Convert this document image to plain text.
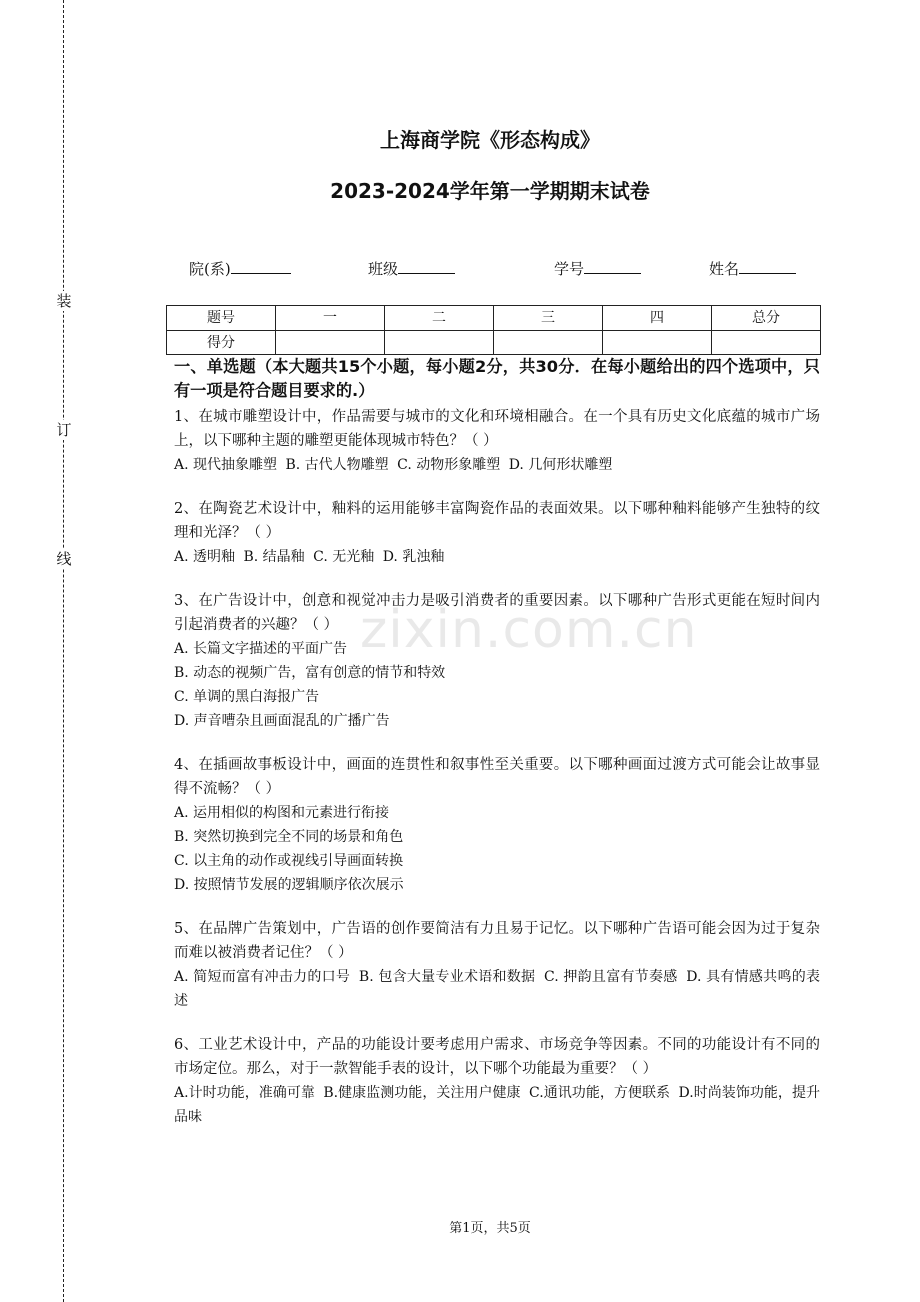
装
订
线
上海商学院《形态构成》
2023-2024学年第一学期期末试卷
院(系)	班级	学号	姓名
题号	一	二	三	四	总分
得分					
一、单选题（本大题共15个小题，每小题2分，共30分．在每小题给出的四个选项中，只有一项是符合题目要求的.）
1、在城市雕塑设计中，作品需要与城市的文化和环境相融合。在一个具有历史文化底蕴的城市广场上，以下哪种主题的雕塑更能体现城市特色？（ ）
A. 现代抽象雕塑 B. 古代人物雕塑 C. 动物形象雕塑 D. 几何形状雕塑
2、在陶瓷艺术设计中，釉料的运用能够丰富陶瓷作品的表面效果。以下哪种釉料能够产生独特的纹理和光泽？（ ）
A. 透明釉 B. 结晶釉 C. 无光釉 D. 乳浊釉
3、在广告设计中，创意和视觉冲击力是吸引消费者的重要因素。以下哪种广告形式更能在短时间内引起消费者的兴趣？（ ）
A. 长篇文字描述的平面广告
B. 动态的视频广告，富有创意的情节和特效
C. 单调的黑白海报广告
D. 声音嘈杂且画面混乱的广播广告
4、在插画故事板设计中，画面的连贯性和叙事性至关重要。以下哪种画面过渡方式可能会让故事显得不流畅？（ ）
A. 运用相似的构图和元素进行衔接
B. 突然切换到完全不同的场景和角色
C. 以主角的动作或视线引导画面转换
D. 按照情节发展的逻辑顺序依次展示
5、在品牌广告策划中，广告语的创作要简洁有力且易于记忆。以下哪种广告语可能会因为过于复杂而难以被消费者记住？（ ）
A. 简短而富有冲击力的口号 B. 包含大量专业术语和数据 C. 押韵且富有节奏感 D. 具有情感共鸣的表述
6、工业艺术设计中，产品的功能设计要考虑用户需求、市场竞争等因素。不同的功能设计有不同的市场定位。那么，对于一款智能手表的设计，以下哪个功能最为重要？（ ）
A.计时功能，准确可靠 B.健康监测功能，关注用户健康 C.通讯功能，方便联系 D.时尚装饰功能，提升品味
zixin.com.cn
第1页，共5页
